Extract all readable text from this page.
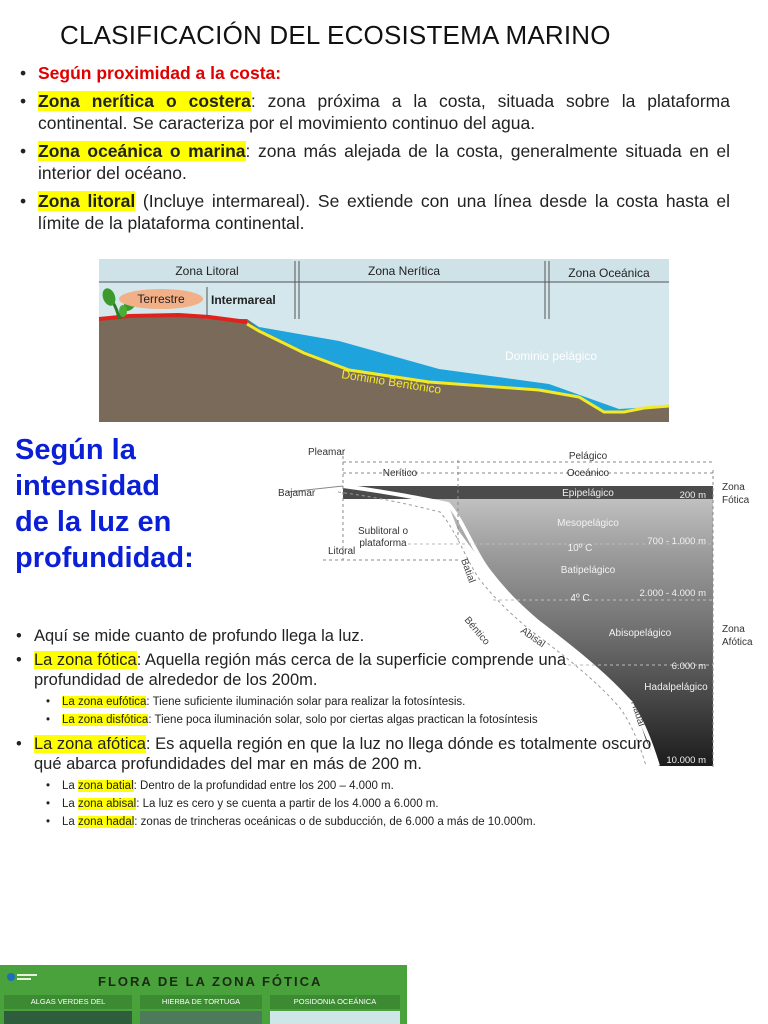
CLASIFICACIÓN DEL ECOSISTEMA MARINO
• Según proximidad a la costa:
• Zona nerítica o costera: zona próxima a la costa, situada sobre la plataforma continental. Se caracteriza por el movimiento continuo del agua.
• Zona oceánica o marina: zona más alejada de la costa, generalmente situada en el interior del océano.
• Zona litoral (Incluye intermareal). Se extiende con una línea desde la costa hasta el límite de la plataforma continental.
Terrestre Intermareal
Zona Litoral	Zona Nerítica	Zona Oceánica
Dominio pelágico
Dominio Bentónico
Según la intensidad
de la luz en
profundidad:
Pleamar
Bajamar
Pelágico
Nerítico	Oceánico
Sublitoral o
plataforma
Litoral
Batial
Béntico	Abisal
Hadal
Epipelágico
Mesopelágico
Batipelágico
Abisopelágico
Hadalpelágico
10º C
4º C
200 m
700 - 1.000 m
2.000 - 4.000 m
6.000 m
10.000 m
Zona
Fótica
Zona
Afótica
• Aquí se mide cuanto de profundo llega la luz.
• La zona fótica: Aquella región más cerca de la superficie comprende una profundidad de alrededor de los 200m.
• La zona eufótica: Tiene suficiente iluminación solar para realizar la fotosíntesis.
• La zona disfótica: Tiene poca iluminación solar, solo por ciertas algas practican la fotosíntesis
• La zona afótica: Es aquella región en que la luz no llega dónde es totalmente oscuro qué abarca profundidades del mar en más de 200 m.
• La zona batial: Dentro de la profundidad entre los 200 – 4.000 m.
• La zona abisal: La luz es cero y se cuenta a partir de los 4.000 a 6.000 m.
• La zona hadal: zonas de trincheras oceánicas o de subducción, de 6.000 a más de 10.000m.
FLORA DE LA ZONA FÓTICA
ALGAS VERDES DEL	HIERBA DE TORTUGA	POSIDONIA OCEÁNICA
